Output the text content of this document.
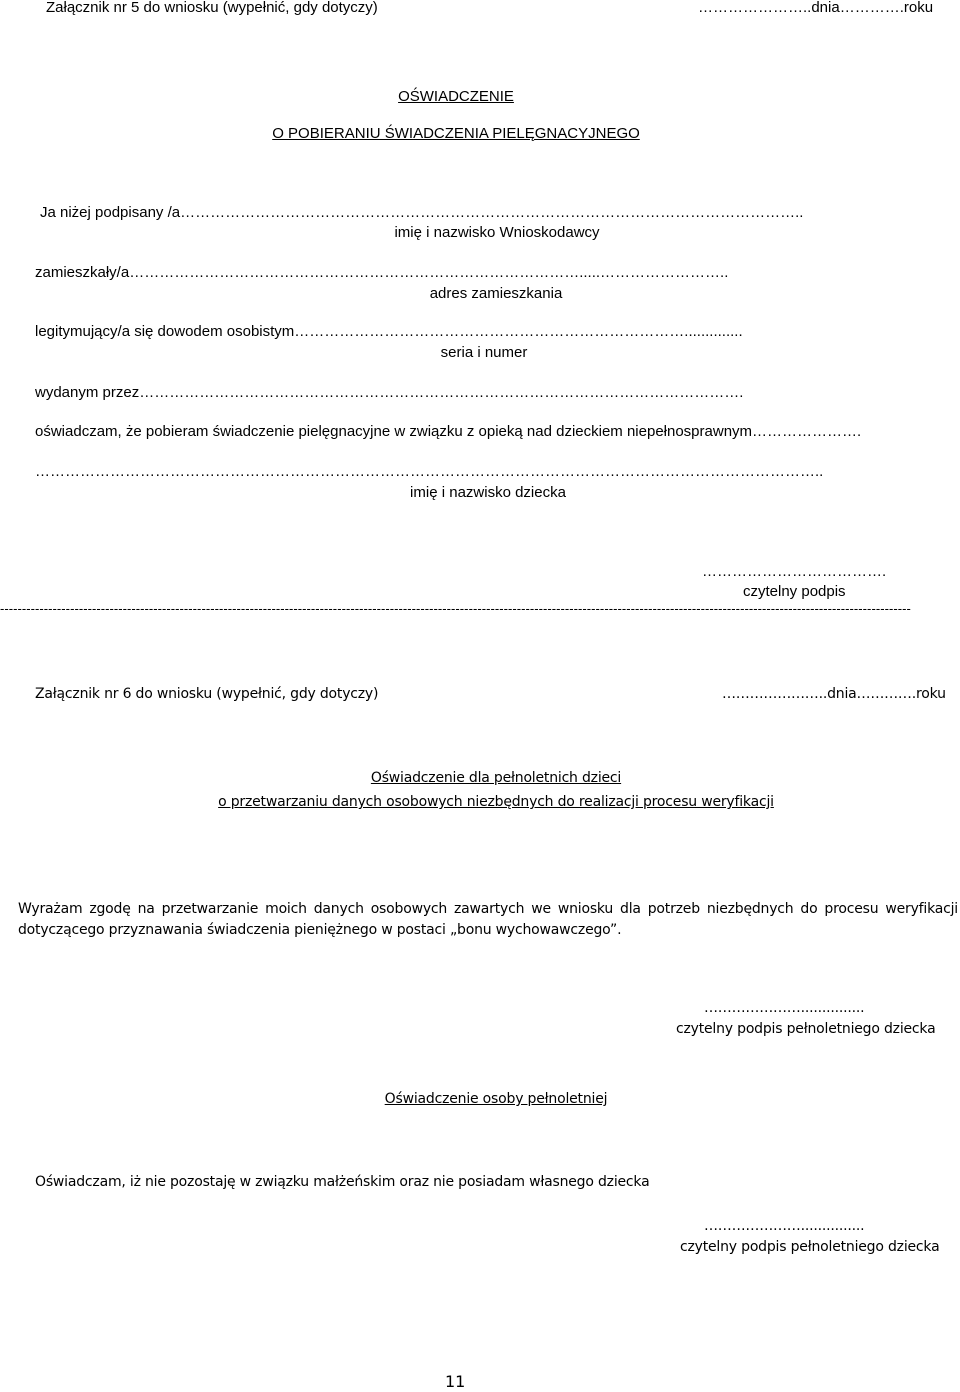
Załącznik nr 5 do wniosku (wypełnić, gdy dotyczy)	…………………..dnia………….roku
OŚWIADCZENIE
O POBIERANIU ŚWIADCZENIA PIELĘGNACYJNEGO
Ja niżej podpisany /a……………………………………………………………………………………………………………..
imię i nazwisko Wnioskodawcy
zamieszkały/a……………………………………………………………………………….....……………………..
adres zamieszkania
legitymujący/a się dowodem osobistym……………………………………………………………………..............
seria i numer
wydanym przez………………………………………………………………………………………………………….
oświadczam, że pobieram świadczenie pielęgnacyjne w związku z opieką nad dzieckiem niepełnosprawnym………………….
…………………………………………………………………………………………………………………………………………..
imię i nazwisko dziecka
……………………………….
czytelny podpis
----------------------------------------------------------------------------------------------------------------------------------------------------------------------------------------------------------------
Załącznik nr 6 do wniosku (wypełnić, gdy dotyczy)	…………………..dnia………….roku
Oświadczenie dla pełnoletnich dzieci
o przetwarzaniu danych osobowych niezbędnych do realizacji procesu weryfikacji
Wyrażam zgodę na przetwarzanie moich danych osobowych zawartych we wniosku dla potrzeb niezbędnych do procesu weryfikacji dotyczącego przyznawania świadczenia pieniężnego w postaci „bonu wychowawczego”.
…………………...............
czytelny podpis pełnoletniego dziecka
Oświadczenie osoby pełnoletniej
Oświadczam, iż nie pozostaję w związku małżeńskim oraz nie posiadam własnego dziecka
…………………...............
czytelny podpis pełnoletniego dziecka
11
